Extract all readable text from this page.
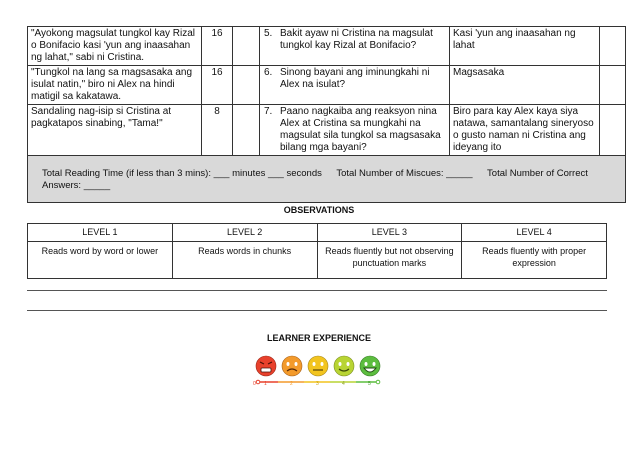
"Ayokong magsulat tungkol kay Rizal o Bonifacio kasi 'yun ang inaasahan ng lahat," sabi ni Cristina.	16		5. Bakit ayaw ni Cristina na magsulat tungkol kay Rizal at Bonifacio?	Kasi 'yun ang inaasahan ng lahat	
"Tungkol na lang sa magsasaka ang isulat natin," biro ni Alex na hindi matigil sa kakatawa.	16		6. Sinong bayani ang iminungkahi ni Alex na isulat?	Magsasaka	
Sandaling nag-isip si Cristina at pagkatapos sinabing, "Tama!"	8		7. Paano nagkaiba ang reaksyon nina Alex at Cristina sa mungkahi na magsulat sila tungkol sa magsasaka bilang mga bayani?	Biro para kay Alex kaya siya natawa, samantalang sineryoso o gusto naman ni Cristina ang ideyang ito	
Total Reading Time (if less than 3 mins): ___ minutes ___ seconds Total Number of Miscues: _____ Total Number of Correct Answers: _____					
OBSERVATIONS
LEVEL 1	LEVEL 2	LEVEL 3	LEVEL 4
Reads word by word or lower	Reads words in chunks	Reads fluently but not observing punctuation marks	Reads fluently with proper expression
LEARNER EXPERIENCE
0 1	2	3	4	5
